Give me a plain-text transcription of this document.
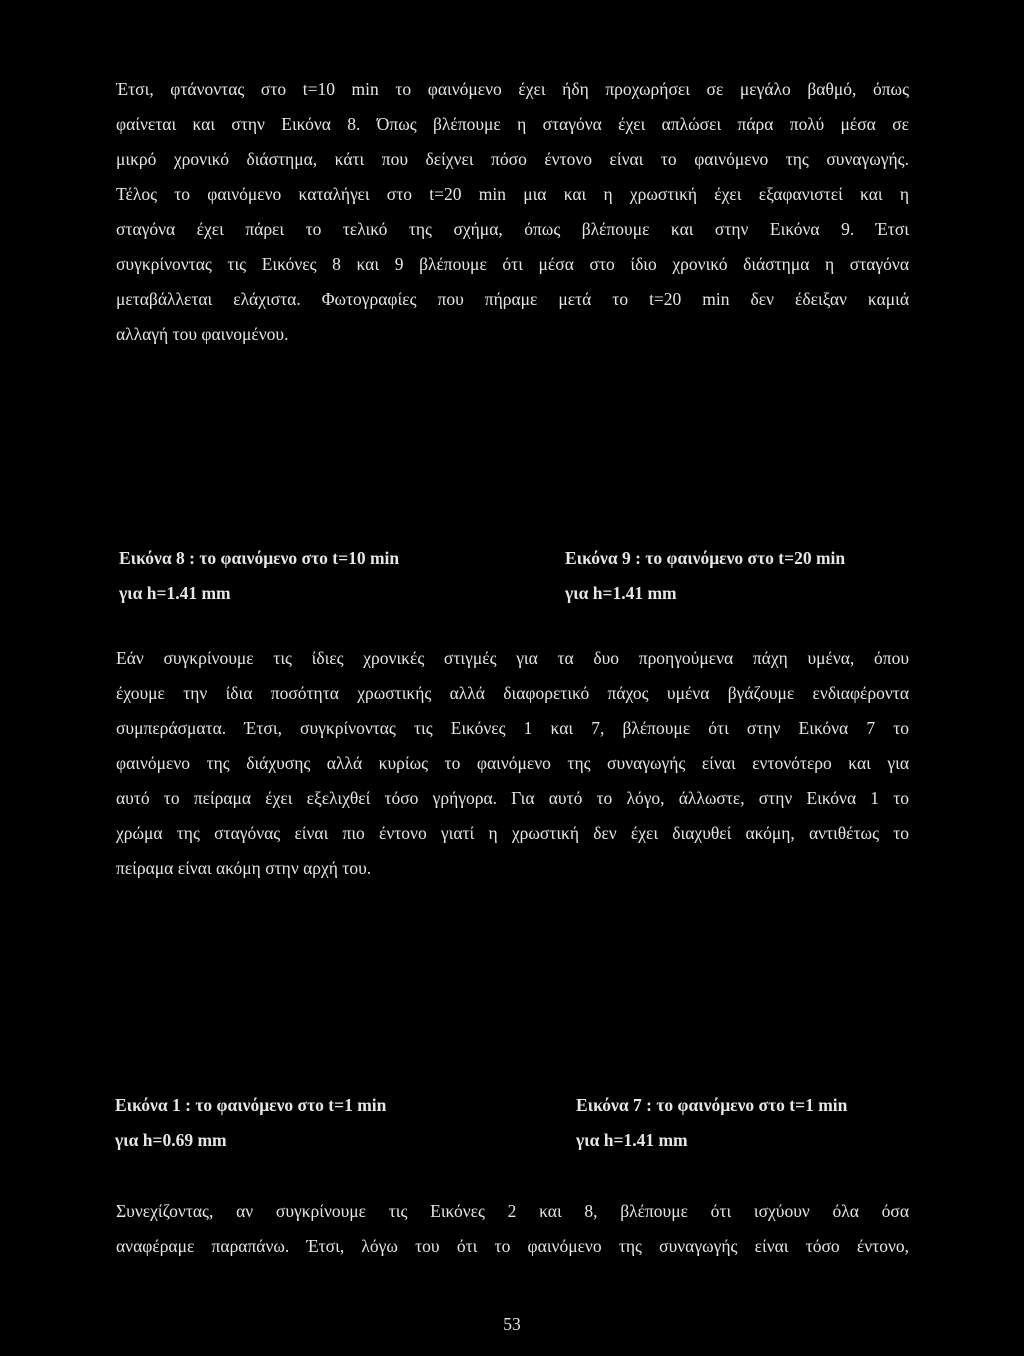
Έτσι, φτάνοντας στο t=10 min το φαινόμενο έχει ήδη προχωρήσει σε μεγάλο βαθμό, όπως
φαίνεται και στην Εικόνα 8. Όπως βλέπουμε η σταγόνα έχει απλώσει πάρα πολύ μέσα σε
μικρό χρονικό διάστημα, κάτι που δείχνει πόσο έντονο είναι το φαινόμενο της συναγωγής.
Τέλος το φαινόμενο καταλήγει στο t=20 min μια και η χρωστική έχει εξαφανιστεί και η
σταγόνα έχει πάρει το τελικό της σχήμα, όπως βλέπουμε και στην Εικόνα 9. Έτσι
συγκρίνοντας τις Εικόνες 8 και 9 βλέπουμε ότι μέσα στο ίδιο χρονικό διάστημα η σταγόνα
μεταβάλλεται ελάχιστα. Φωτογραφίες που πήραμε μετά το t=20 min δεν έδειξαν καμιά
αλλαγή του φαινομένου.
Εικόνα 8 : το φαινόμενο στο t=10 min
για h=1.41 mm
Εικόνα 9 : το φαινόμενο στο t=20 min
για h=1.41 mm
Εάν συγκρίνουμε τις ίδιες χρονικές στιγμές για τα δυο προηγούμενα πάχη υμένα, όπου
έχουμε την ίδια ποσότητα χρωστικής αλλά διαφορετικό πάχος υμένα βγάζουμε ενδιαφέροντα
συμπεράσματα. Έτσι, συγκρίνοντας τις Εικόνες 1 και 7, βλέπουμε ότι στην Εικόνα 7 το
φαινόμενο της διάχυσης αλλά κυρίως το φαινόμενο της συναγωγής είναι εντονότερο και για
αυτό το πείραμα έχει εξελιχθεί τόσο γρήγορα. Για αυτό το λόγο, άλλωστε, στην Εικόνα 1 το
χρώμα της σταγόνας είναι πιο έντονο γιατί η χρωστική δεν έχει διαχυθεί ακόμη, αντιθέτως το
πείραμα είναι ακόμη στην αρχή του.
Εικόνα 1 : το φαινόμενο στο t=1 min
για h=0.69 mm
Εικόνα 7 : το φαινόμενο στο t=1 min
για h=1.41 mm
Συνεχίζοντας, αν συγκρίνουμε τις Εικόνες 2 και 8, βλέπουμε ότι ισχύουν όλα όσα
αναφέραμε παραπάνω. Έτσι, λόγω του ότι το φαινόμενο της συναγωγής είναι τόσο έντονο,
53
